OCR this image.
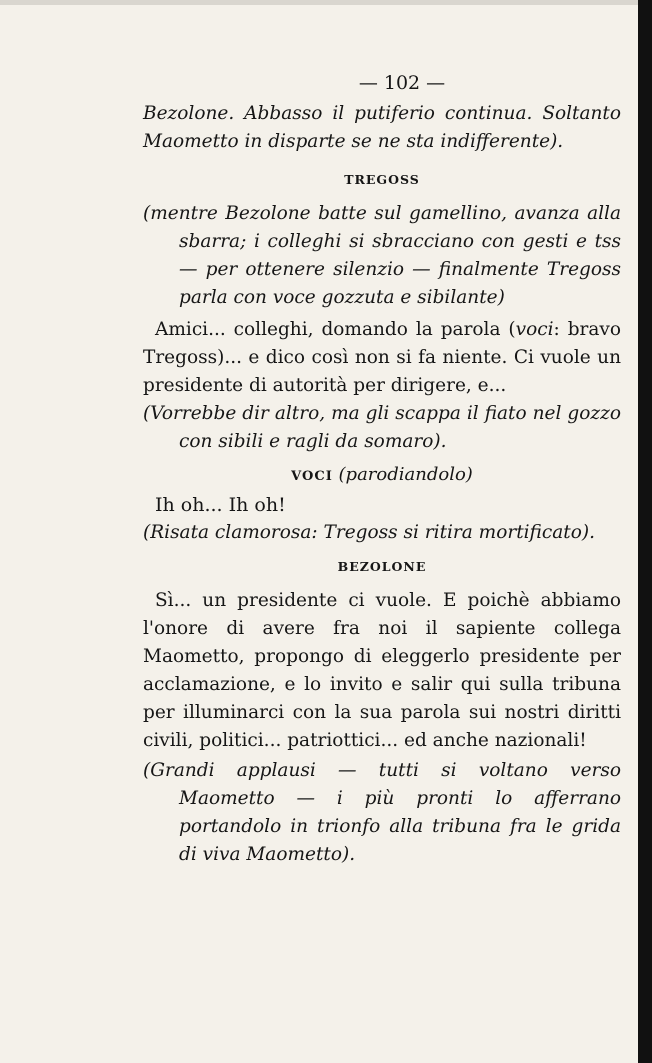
— 102 —

Bezolone. Abbasso il putiferio continua. Soltanto Maometto in disparte se ne sta indifferente).

TREGOSS

(mentre Bezolone batte sul gamellino, avanza alla sbarra; i colleghi si sbracciano con gesti e tss — per ottenere silenzio — finalmente Tregoss parla con voce gozzuta e sibilante)

Amici... colleghi, domando la parola (voci: bravo Tregoss)... e dico così non si fa niente. Ci vuole un presidente di autorità per dirigere, e...

(Vorrebbe dir altro, ma gli scappa il fiato nel gozzo con sibili e ragli da somaro).

VOCI (parodiandolo)

Ih oh... Ih oh!

(Risata clamorosa: Tregoss si ritira mortificato).

BEZOLONE

Sì... un presidente ci vuole. E poichè abbiamo l'onore di avere fra noi il sapiente collega Maometto, propongo di eleggerlo presidente per acclamazione, e lo invito e salir qui sulla tribuna per illuminarci con la sua parola sui nostri diritti civili, politici... patriottici... ed anche nazionali!

(Grandi applausi — tutti si voltano verso Maometto — i più pronti lo afferrano portandolo in trionfo alla tribuna fra le grida di viva Maometto).
